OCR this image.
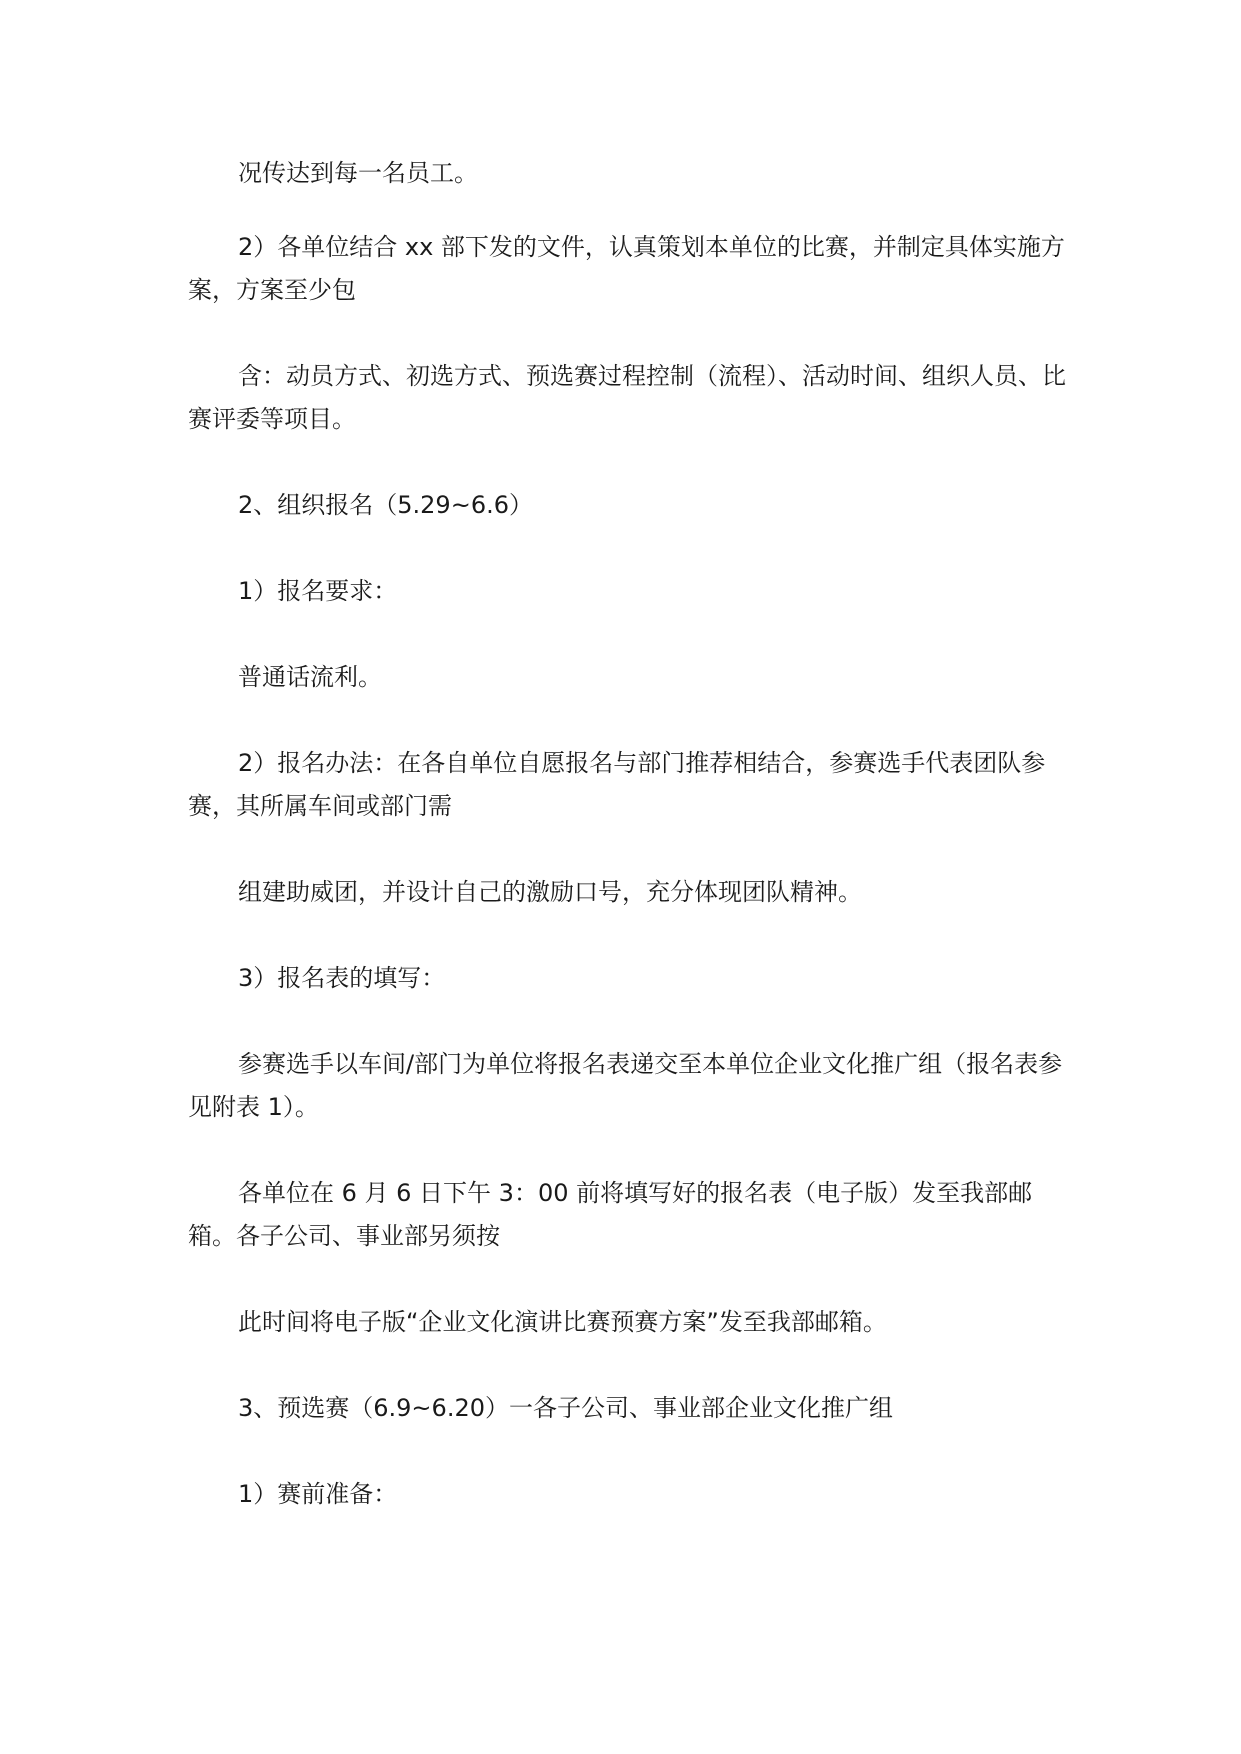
况传达到每一名员工。

2）各单位结合 xx 部下发的文件，认真策划本单位的比赛，并制定具体实施方案，方案至少包

含：动员方式、初选方式、预选赛过程控制（流程）、活动时间、组织人员、比赛评委等项目。

2、组织报名（5.29~6.6）

1）报名要求：

普通话流利。

2）报名办法：在各自单位自愿报名与部门推荐相结合，参赛选手代表团队参赛，其所属车间或部门需

组建助威团，并设计自己的激励口号，充分体现团队精神。

3）报名表的填写：

参赛选手以车间/部门为单位将报名表递交至本单位企业文化推广组（报名表参见附表 1）。

各单位在 6 月 6 日下午 3：00 前将填写好的报名表（电子版）发至我部邮箱。各子公司、事业部另须按

此时间将电子版“企业文化演讲比赛预赛方案”发至我部邮箱。

3、预选赛（6.9~6.20）一各子公司、事业部企业文化推广组

1）赛前准备：
